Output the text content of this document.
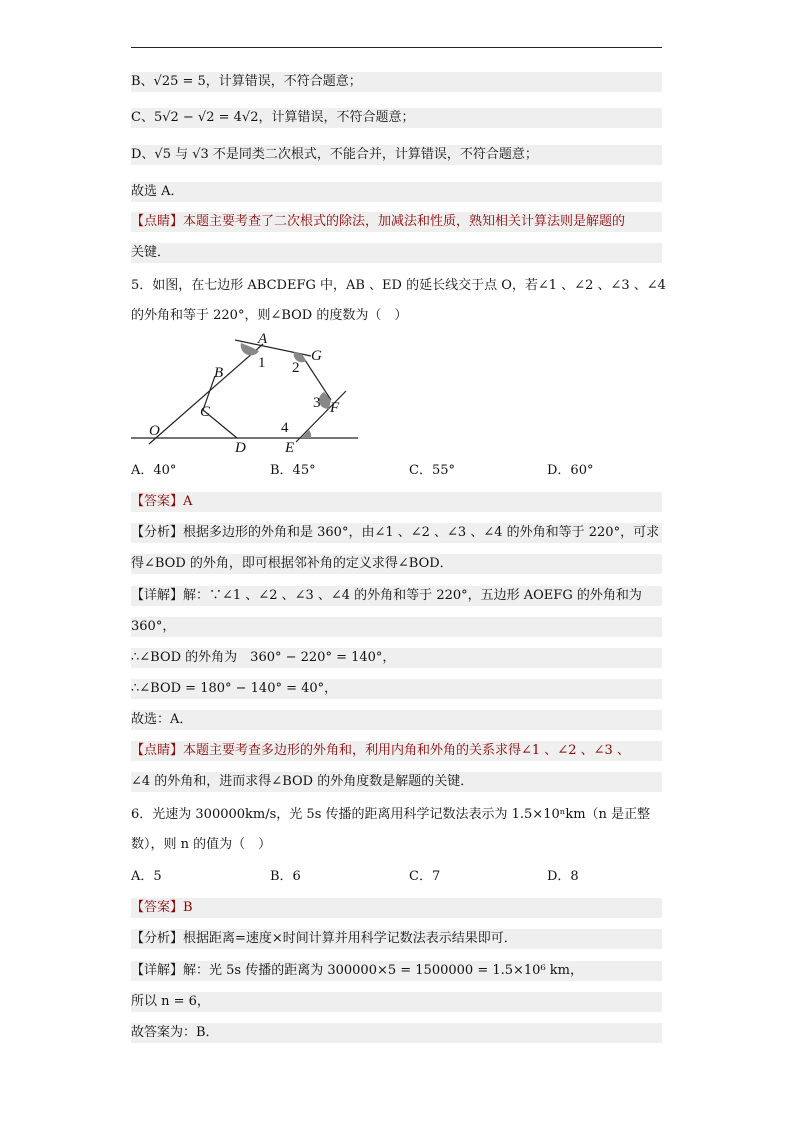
B、√25 = 5，计算错误，不符合题意；
C、5√2 − √2 = 4√2，计算错误，不符合题意；
D、√5 与 √3 不是同类二次根式，不能合并，计算错误，不符合题意；
故选 A．
【点睛】本题主要考查了二次根式的除法，加减法和性质，熟知相关计算法则是解题的
关键．
5．如图，在七边形 ABCDEFG 中，AB 、ED 的延长线交于点 O，若∠1 、∠2 、∠3 、∠4
的外角和等于 220°，则∠BOD 的度数为（　）
A
G
1 2
B
C
3 F
O	4
D	E
A．40°	B．45°	C．55°	D．60°
【答案】A
【分析】根据多边形的外角和是 360°，由∠1 、∠2 、∠3 、∠4 的外角和等于 220°，可求
得∠BOD 的外角，即可根据邻补角的定义求得∠BOD．
【详解】解：∵∠1 、∠2 、∠3 、∠4 的外角和等于 220°，五边形 AOEFG 的外角和为
360°，
∴∠BOD 的外角为　360° − 220° = 140°，
∴∠BOD = 180° − 140° = 40°，
故选：A．
【点睛】本题主要考查多边形的外角和，利用内角和外角的关系求得∠1 、∠2 、∠3 、
∠4 的外角和，进而求得∠BOD 的外角度数是解题的关键．
6．光速为 300000km/s，光 5s 传播的距离用科学记数法表示为 1.5×10ⁿkm（n 是正整
数），则 n 的值为（　）
A．5	B．6	C．7	D．8
【答案】B
【分析】根据距离=速度×时间计算并用科学记数法表示结果即可．
【详解】解：光 5s 传播的距离为 300000×5 = 1500000 = 1.5×10⁶ km，
所以 n = 6，
故答案为：B．
